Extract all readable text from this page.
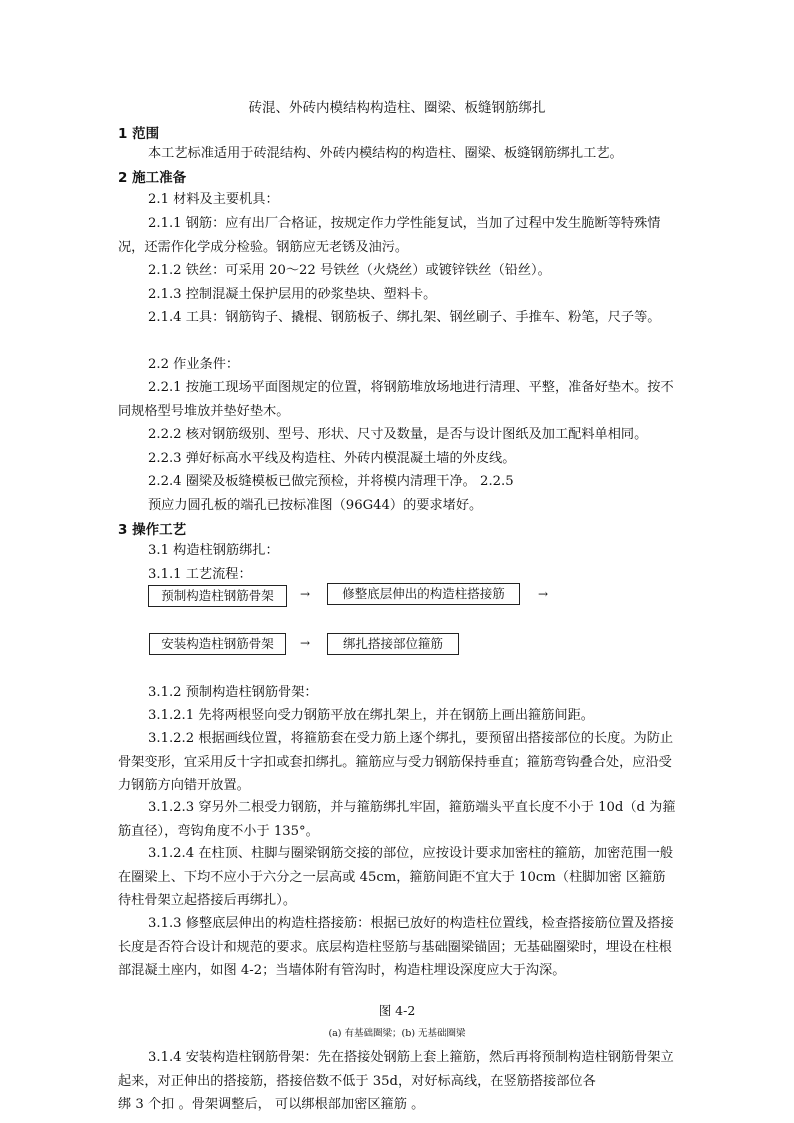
砖混、外砖内模结构构造柱、圈梁、板缝钢筋绑扎
1 范围
本工艺标准适用于砖混结构、外砖内模结构的构造柱、圈梁、板缝钢筋绑扎工艺。
2 施工准备
2.1 材料及主要机具：
2.1.1 钢筋：应有出厂合格证，按规定作力学性能复试，当加了过程中发生脆断等特殊情况，还需作化学成分检验。钢筋应无老锈及油污。
2.1.2 铁丝：可采用 20～22 号铁丝（火烧丝）或镀锌铁丝（铅丝）。
2.1.3 控制混凝土保护层用的砂浆垫块、塑料卡。
2.1.4 工具：钢筋钩子、撬棍、钢筋板子、绑扎架、钢丝刷子、手推车、粉笔，尺子等。
2.2 作业条件：
2.2.1 按施工现场平面图规定的位置，将钢筋堆放场地进行清理、平整，准备好垫木。按不同规格型号堆放并垫好垫木。
2.2.2 核对钢筋级别、型号、形状、尺寸及数量，是否与设计图纸及加工配料单相同。
2.2.3 弹好标高水平线及构造柱、外砖内模混凝土墙的外皮线。
2.2.4 圈梁及板缝模板已做完预检，并将模内清理干净。 2.2.5
预应力圆孔板的端孔已按标准图（96G44）的要求堵好。
3 操作工艺
3.1 构造柱钢筋绑扎：
3.1.1 工艺流程：
预制构造柱钢筋骨架	→	修整底层伸出的构造柱搭接筋	→
安装构造柱钢筋骨架	→	绑扎搭接部位箍筋
3.1.2 预制构造柱钢筋骨架：
3.1.2.1 先将两根竖向受力钢筋平放在绑扎架上，并在钢筋上画出箍筋间距。
3.1.2.2 根据画线位置，将箍筋套在受力筋上逐个绑扎，要预留出搭接部位的长度。为防止骨架变形，宜采用反十字扣或套扣绑扎。箍筋应与受力钢筋保持垂直；箍筋弯钩叠合处，应沿受力钢筋方向错开放置。
3.1.2.3 穿另外二根受力钢筋，并与箍筋绑扎牢固，箍筋端头平直长度不小于 10d（d 为箍筋直径），弯钩角度不小于 135°。
3.1.2.4 在柱顶、柱脚与圈梁钢筋交接的部位，应按设计要求加密柱的箍筋，加密范围一般在圈梁上、下均不应小于六分之一层高或 45cm，箍筋间距不宜大于 10cm（柱脚加密 区箍筋待柱骨架立起搭接后再绑扎）。
3.1.3 修整底层伸出的构造柱搭接筋：根据已放好的构造柱位置线，检查搭接筋位置及搭接长度是否符合设计和规范的要求。底层构造柱竖筋与基础圈梁锚固；无基础圈梁时，埋设在柱根部混凝土座内，如图 4-2；当墙体附有管沟时，构造柱埋设深度应大于沟深。
图 4-2
(a) 有基础圈梁；(b) 无基础圈梁
3.1.4 安装构造柱钢筋骨架：先在搭接处钢筋上套上箍筋，然后再将预制构造柱钢筋骨架立起来，对正伸出的搭接筋，搭接倍数不低于 35d，对好标高线，在竖筋搭接部位各
绑 3 个扣 。骨架调整后， 可以绑根部加密区箍筋 。
